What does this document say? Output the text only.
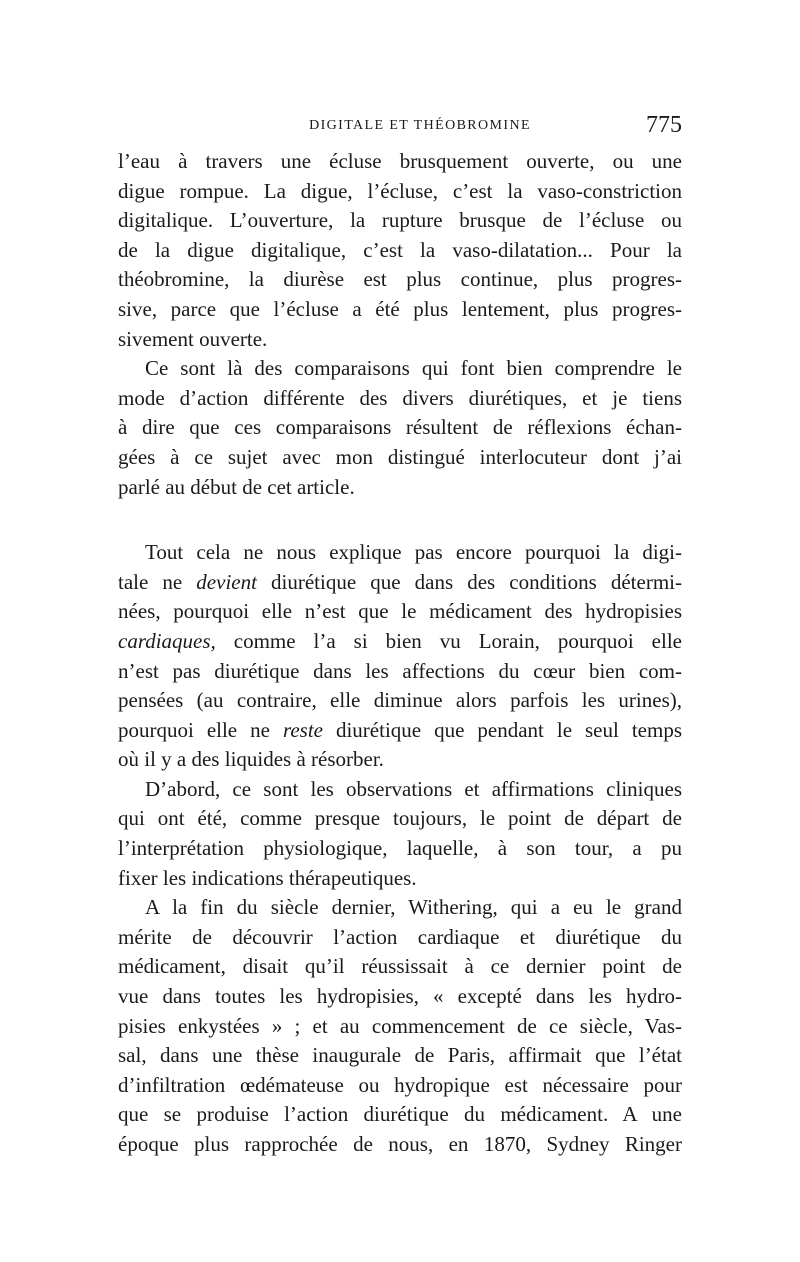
DIGITALE ET THÉOBROMINE	775
l’eau à travers une écluse brusquement ouverte, ou une
digue rompue. La digue, l’écluse, c’est la vaso-constriction
digitalique. L’ouverture, la rupture brusque de l’écluse ou
de la digue digitalique, c’est la vaso-dilatation... Pour la
théobromine, la diurèse est plus continue, plus progres-
sive, parce que l’écluse a été plus lentement, plus progres-
sivement ouverte.
Ce sont là des comparaisons qui font bien comprendre le
mode d’action différente des divers diurétiques, et je tiens
à dire que ces comparaisons résultent de réflexions échan-
gées à ce sujet avec mon distingué interlocuteur dont j’ai
parlé au début de cet article.
Tout cela ne nous explique pas encore pourquoi la digi-
tale ne devient diurétique que dans des conditions détermi-
nées, pourquoi elle n’est que le médicament des hydropisies
cardiaques, comme l’a si bien vu Lorain, pourquoi elle
n’est pas diurétique dans les affections du cœur bien com-
pensées (au contraire, elle diminue alors parfois les urines),
pourquoi elle ne reste diurétique que pendant le seul temps
où il y a des liquides à résorber.
D’abord, ce sont les observations et affirmations cliniques
qui ont été, comme presque toujours, le point de départ de
l’interprétation physiologique, laquelle, à son tour, a pu
fixer les indications thérapeutiques.
A la fin du siècle dernier, Withering, qui a eu le grand
mérite de découvrir l’action cardiaque et diurétique du
médicament, disait qu’il réussissait à ce dernier point de
vue dans toutes les hydropisies, « excepté dans les hydro-
pisies enkystées » ; et au commencement de ce siècle, Vas-
sal, dans une thèse inaugurale de Paris, affirmait que l’état
d’infiltration œdémateuse ou hydropique est nécessaire pour
que se produise l’action diurétique du médicament. A une
époque plus rapprochée de nous, en 1870, Sydney Ringer
